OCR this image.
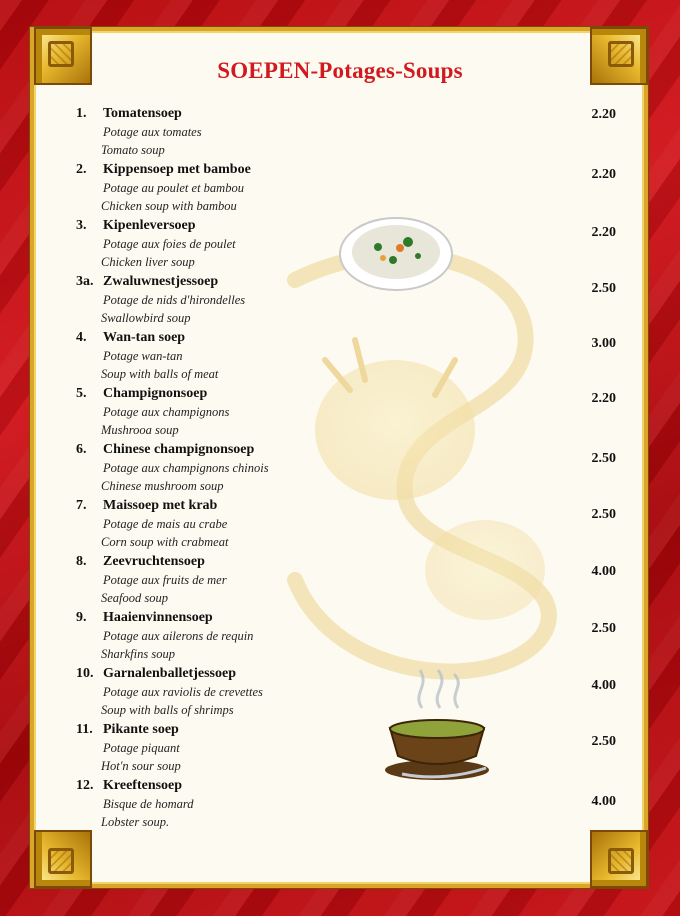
SOEPEN-Potages-Soups
1. Tomatensoep
Potage aux tomates
Tomato soup
2.20
2. Kippensoep met bamboe
Potage au poulet et bambou
Chicken soup with bambou
2.20
3. Kipenleversoep
Potage aux foies de poulet
Chicken liver soup
2.20
3a. Zwaluwnestjessoep
Potage de nids d'hirondelles
Swallowbird soup
2.50
4. Wan-tan soep
Potage wan-tan
Soup with balls of meat
3.00
5. Champignonsoep
Potage aux champignons
Mushrooa soup
2.20
6. Chinese champignonsoep
Potage aux champignons chinois
Chinese mushroom soup
2.50
7. Maissoep met krab
Potage de mais au crabe
Corn soup with crabmeat
2.50
8. Zeevruchtensoep
Potage aux fruits de mer
Seafood soup
4.00
9. Haaienvinnensoep
Potage aux ailerons de requin
Sharkfins soup
2.50
10. Garnalenballetjessoep
Potage aux raviolis de crevettes
Soup with balls of shrimps
4.00
11. Pikante soep
Potage piquant
Hot'n sour soup
2.50
12. Kreeftensoep
Bisque de homard
Lobster soup.
4.00
